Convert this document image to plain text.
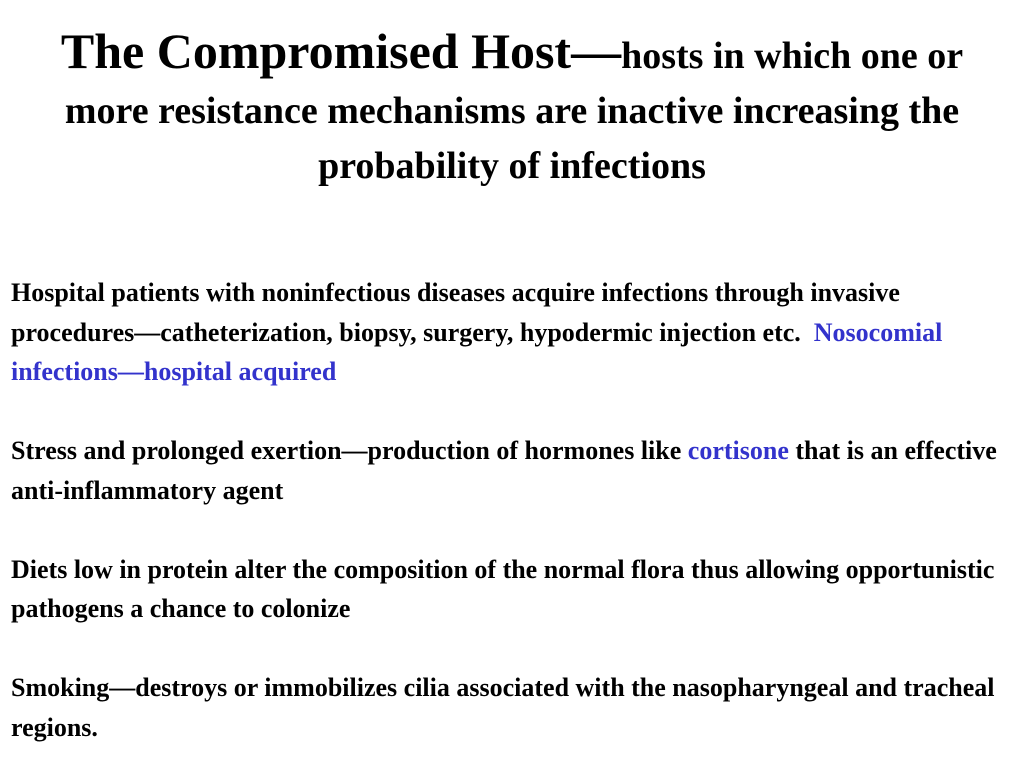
The Compromised Host—hosts in which one or more resistance mechanisms are inactive increasing the probability of infections

Hospital patients with noninfectious diseases acquire infections through invasive procedures—catheterization, biopsy, surgery, hypodermic injection etc.  Nosocomial infections—hospital acquired

Stress and prolonged exertion—production of hormones like cortisone that is an effective anti-inflammatory agent

Diets low in protein alter the composition of the normal flora thus allowing opportunistic pathogens a chance to colonize

Smoking—destroys or immobilizes cilia associated with the nasopharyngeal and tracheal regions.
